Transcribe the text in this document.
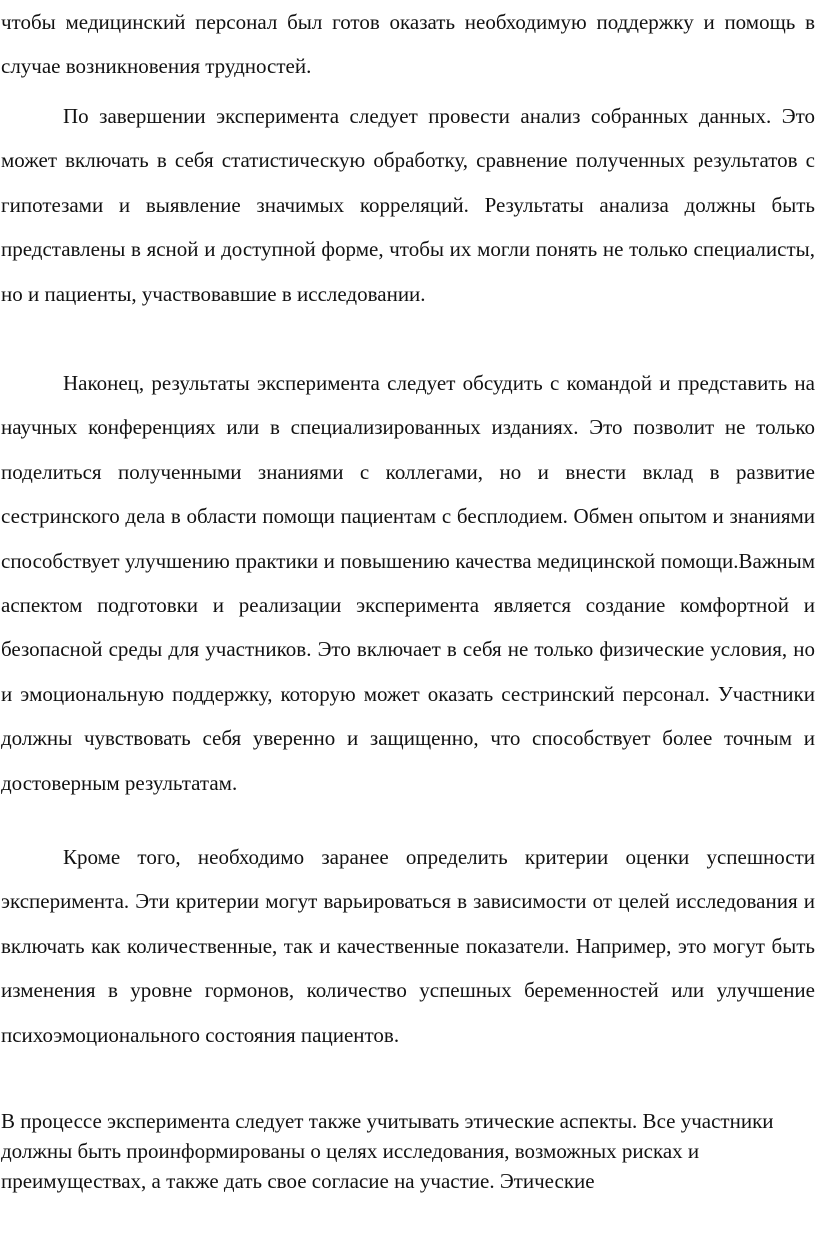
чтобы медицинский персонал был готов оказать необходимую поддержку и помощь в случае возникновения трудностей.

По завершении эксперимента следует провести анализ собранных данных. Это может включать в себя статистическую обработку, сравнение полученных результатов с гипотезами и выявление значимых корреляций. Результаты анализа должны быть представлены в ясной и доступной форме, чтобы их могли понять не только специалисты, но и пациенты, участвовавшие в исследовании.

Наконец, результаты эксперимента следует обсудить с командой и представить на научных конференциях или в специализированных изданиях. Это позволит не только поделиться полученными знаниями с коллегами, но и внести вклад в развитие сестринского дела в области помощи пациентам с бесплодием. Обмен опытом и знаниями способствует улучшению практики и повышению качества медицинской помощи.Важным аспектом подготовки и реализации эксперимента является создание комфортной и безопасной среды для участников. Это включает в себя не только физические условия, но и эмоциональную поддержку, которую может оказать сестринский персонал. Участники должны чувствовать себя уверенно и защищенно, что способствует более точным и достоверным результатам.

Кроме того, необходимо заранее определить критерии оценки успешности эксперимента. Эти критерии могут варьироваться в зависимости от целей исследования и включать как количественные, так и качественные показатели. Например, это могут быть изменения в уровне гормонов, количество успешных беременностей или улучшение психоэмоционального состояния пациентов.

В процессе эксперимента следует также учитывать этические аспекты. Все участники должны быть проинформированы о целях исследования, возможных рисках и преимуществах, а также дать свое согласие на участие. Этические
